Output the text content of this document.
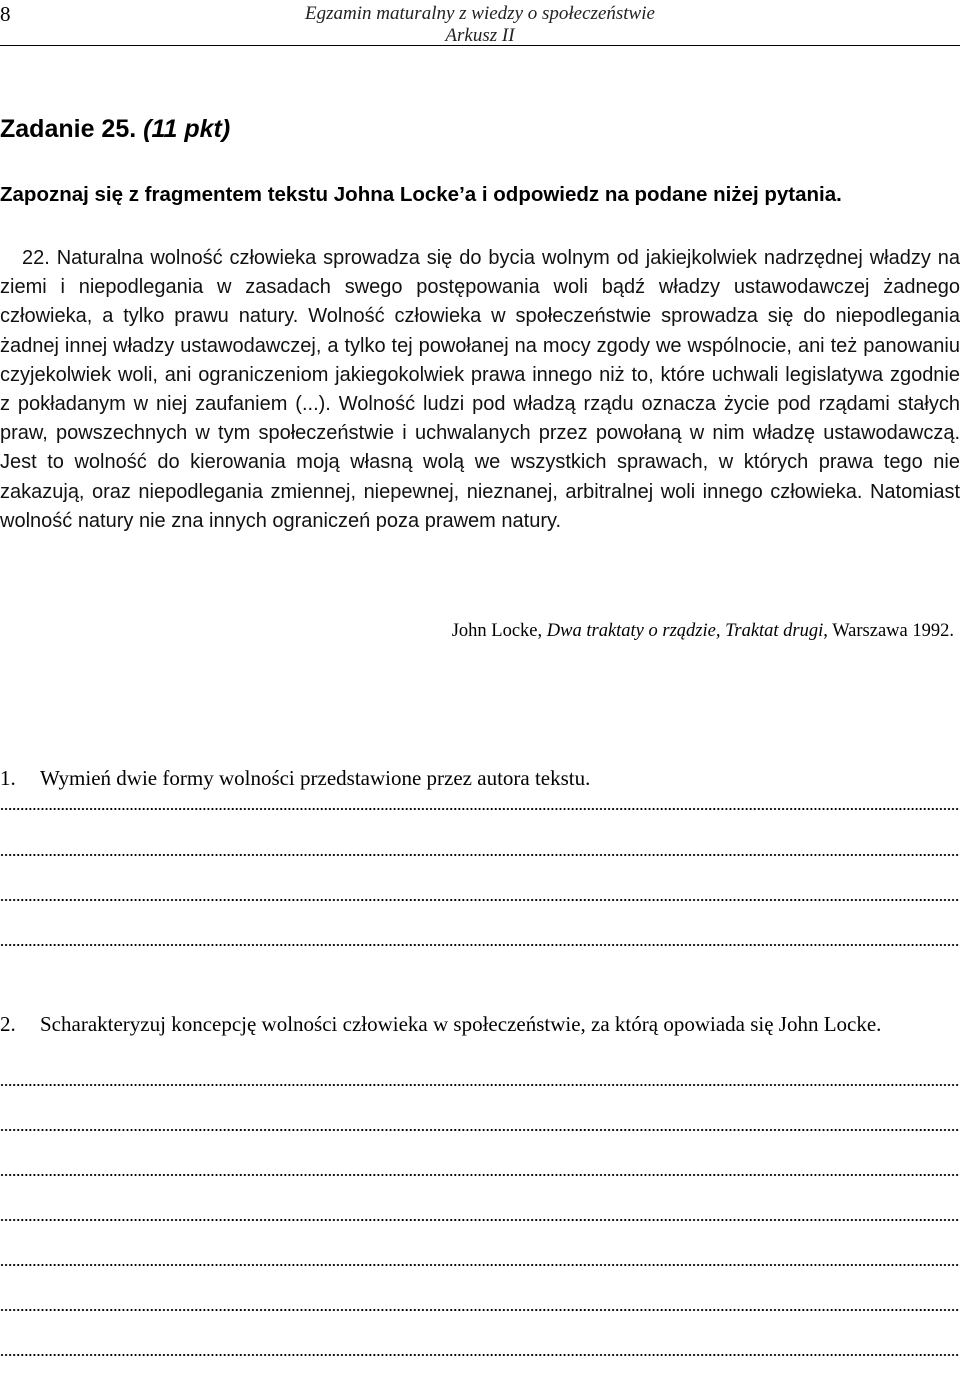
8	Egzamin maturalny z wiedzy o społeczeństwie
Arkusz II
Zadanie 25. (11 pkt)
Zapoznaj się z fragmentem tekstu Johna Locke’a i odpowiedz na podane niżej pytania.

22. Naturalna wolność człowieka sprowadza się do bycia wolnym od jakiejkolwiek nadrzędnej władzy na ziemi i niepodlegania w zasadach swego postępowania woli bądź władzy ustawodawczej żadnego człowieka, a tylko prawu natury. Wolność człowieka w społeczeństwie sprowadza się do niepodlegania żadnej innej władzy ustawodawczej, a tylko tej powołanej na mocy zgody we wspólnocie, ani też panowaniu czyjekolwiek woli, ani ograniczeniom jakiegokolwiek prawa innego niż to, które uchwali legislatywa zgodnie z pokładanym w niej zaufaniem (...). Wolność ludzi pod władzą rządu oznacza życie pod rządami stałych praw, powszechnych w tym społeczeństwie i uchwalanych przez powołaną w nim władzę ustawodawczą. Jest to wolność do kierowania moją własną wolą we wszystkich sprawach, w których prawa tego nie zakazują, oraz niepodlegania zmiennej, niepewnej, nieznanej, arbitralnej woli innego człowieka. Natomiast wolność natury nie zna innych ograniczeń poza prawem natury.

John Locke, Dwa traktaty o rządzie, Traktat drugi, Warszawa 1992.
1. Wymień dwie formy wolności przedstawione przez autora tekstu.
2. Scharakteryzuj koncepcję wolności człowieka w społeczeństwie, za którą opowiada się John Locke.
